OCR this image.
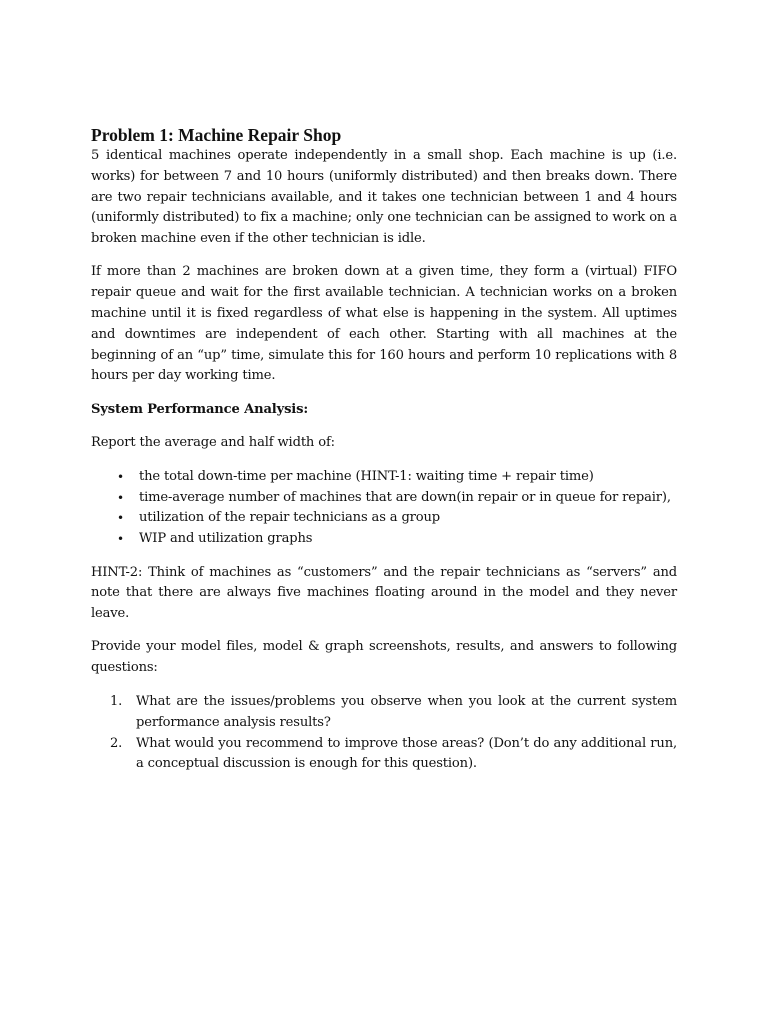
Problem 1: Machine Repair Shop

5 identical machines operate independently in a small shop. Each machine is up (i.e. works) for between 7 and 10 hours (uniformly distributed) and then breaks down. There are two repair technicians available, and it takes one technician between 1 and 4 hours (uniformly distributed) to fix a machine; only one technician can be assigned to work on a broken machine even if the other technician is idle.

If more than 2 machines are broken down at a given time, they form a (virtual) FIFO repair queue and wait for the first available technician. A technician works on a broken machine until it is fixed regardless of what else is happening in the system. All uptimes and downtimes are independent of each other. Starting with all machines at the beginning of an “up” time, simulate this for 160 hours and perform 10 replications with 8 hours per day working time.

System Performance Analysis:

Report the average and half width of:

• the total down-time per machine (HINT-1: waiting time + repair time)
• time-average number of machines that are down(in repair or in queue for repair),
• utilization of the repair technicians as a group
• WIP and utilization graphs

HINT-2: Think of machines as “customers” and the repair technicians as “servers” and note that there are always five machines floating around in the model and they never leave.

Provide your model files, model & graph screenshots, results, and answers to following questions:

1. What are the issues/problems you observe when you look at the current system performance analysis results?
2. What would you recommend to improve those areas? (Don’t do any additional run, a conceptual discussion is enough for this question).
